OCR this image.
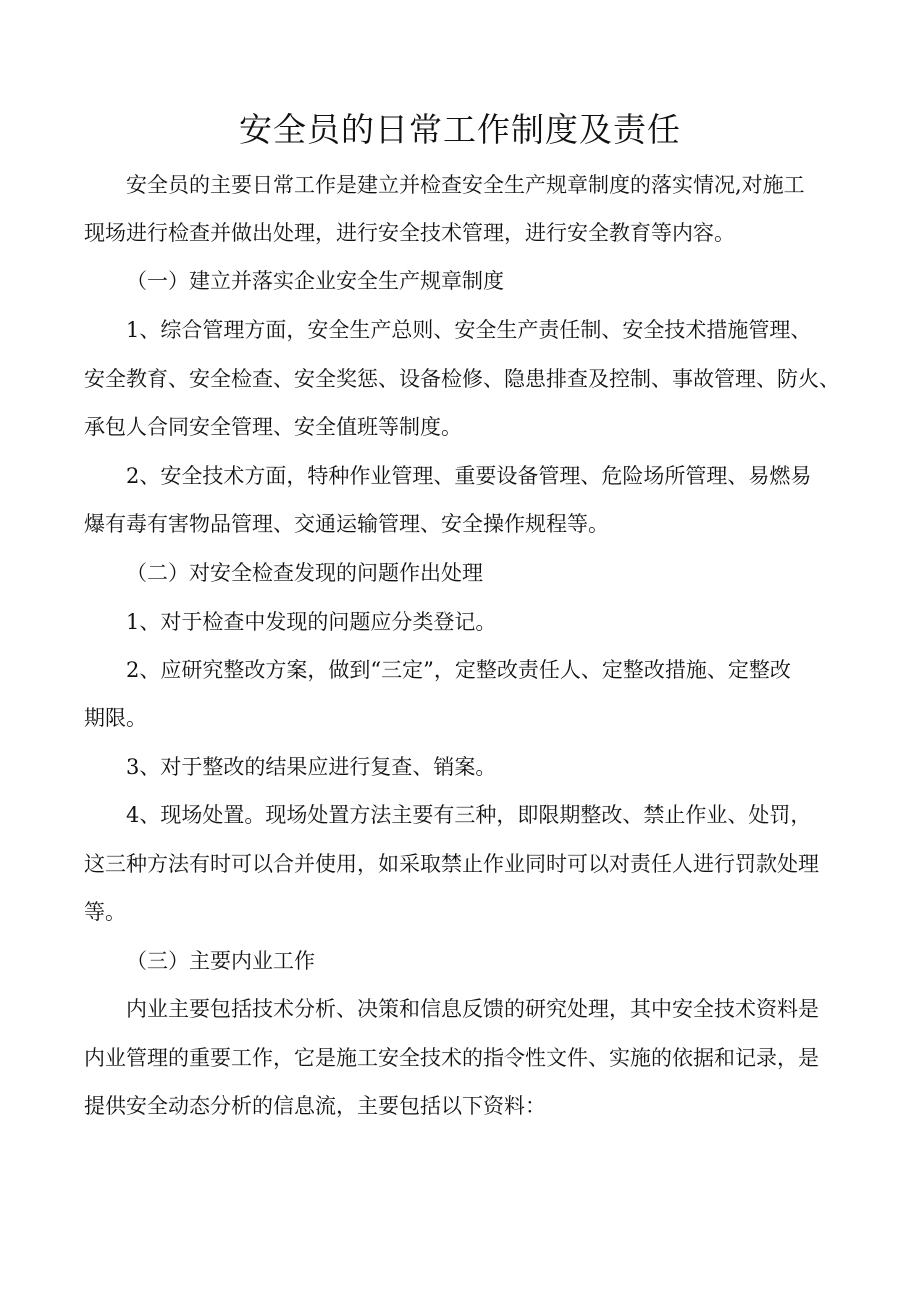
安全员的日常工作制度及责任
安全员的主要日常工作是建立并检查安全生产规章制度的落实情况,对施工
现场进行检查并做出处理，进行安全技术管理，进行安全教育等内容。
（一）建立并落实企业安全生产规章制度
1、综合管理方面，安全生产总则、安全生产责任制、安全技术措施管理、
安全教育、安全检查、安全奖惩、设备检修、隐患排查及控制、事故管理、防火、
承包人合同安全管理、安全值班等制度。
2、安全技术方面，特种作业管理、重要设备管理、危险场所管理、易燃易
爆有毒有害物品管理、交通运输管理、安全操作规程等。
（二）对安全检查发现的问题作出处理
1、对于检查中发现的问题应分类登记。
2、应研究整改方案，做到“三定”，定整改责任人、定整改措施、定整改
期限。
3、对于整改的结果应进行复查、销案。
4、现场处置。现场处置方法主要有三种，即限期整改、禁止作业、处罚，
这三种方法有时可以合并使用，如采取禁止作业同时可以对责任人进行罚款处理
等。
（三）主要内业工作
内业主要包括技术分析、决策和信息反馈的研究处理，其中安全技术资料是
内业管理的重要工作，它是施工安全技术的指令性文件、实施的依据和记录，是
提供安全动态分析的信息流，主要包括以下资料：
